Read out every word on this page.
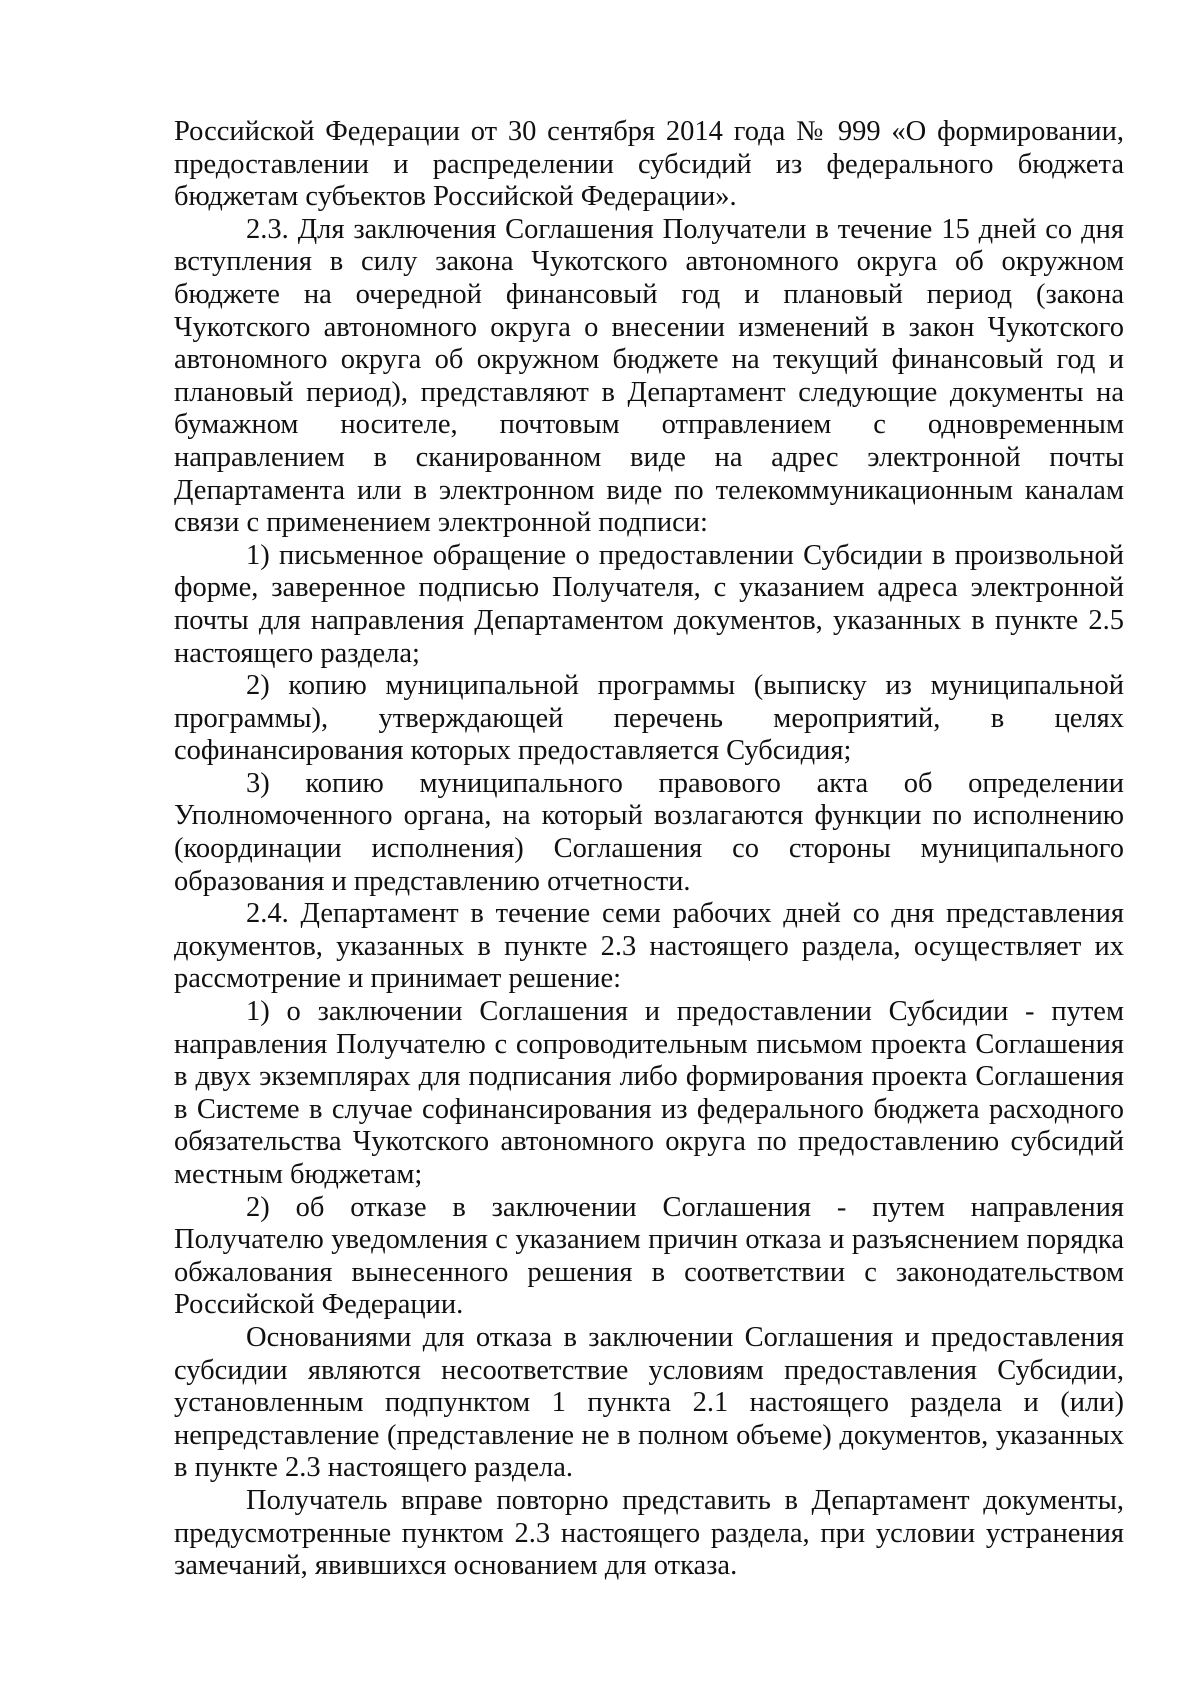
Российской Федерации от 30 сентября 2014 года № 999 «О формировании, предоставлении и распределении субсидий из федерального бюджета бюджетам субъектов Российской Федерации».

2.3. Для заключения Соглашения Получатели в течение 15 дней со дня вступления в силу закона Чукотского автономного округа об окружном бюджете на очередной финансовый год и плановый период (закона Чукотского автономного округа о внесении изменений в закон Чукотского автономного округа об окружном бюджете на текущий финансовый год и плановый период), представляют в Департамент следующие документы на бумажном носителе, почтовым отправлением с одновременным направлением в сканированном виде на адрес электронной почты Департамента или в электронном виде по телекоммуникационным каналам связи с применением электронной подписи:

1) письменное обращение о предоставлении Субсидии в произвольной форме, заверенное подписью Получателя, с указанием адреса электронной почты для направления Департаментом документов, указанных в пункте 2.5 настоящего раздела;

2) копию муниципальной программы (выписку из муниципальной программы), утверждающей перечень мероприятий, в целях софинансирования которых предоставляется Субсидия;

3) копию муниципального правового акта об определении Уполномоченного органа, на который возлагаются функции по исполнению (координации исполнения) Соглашения со стороны муниципального образования и представлению отчетности.

2.4. Департамент в течение семи рабочих дней со дня представления документов, указанных в пункте 2.3 настоящего раздела, осуществляет их рассмотрение и принимает решение:

1) о заключении Соглашения и предоставлении Субсидии - путем направления Получателю с сопроводительным письмом проекта Соглашения в двух экземплярах для подписания либо формирования проекта Соглашения в Системе в случае софинансирования из федерального бюджета расходного обязательства Чукотского автономного округа по предоставлению субсидий местным бюджетам;

2) об отказе в заключении Соглашения - путем направления Получателю уведомления с указанием причин отказа и разъяснением порядка обжалования вынесенного решения в соответствии с законодательством Российской Федерации.

Основаниями для отказа в заключении Соглашения и предоставления субсидии являются несоответствие условиям предоставления Субсидии, установленным подпунктом 1 пункта 2.1 настоящего раздела и (или) непредставление (представление не в полном объеме) документов, указанных в пункте 2.3 настоящего раздела.

Получатель вправе повторно представить в Департамент документы, предусмотренные пунктом 2.3 настоящего раздела, при условии устранения замечаний, явившихся основанием для отказа.
